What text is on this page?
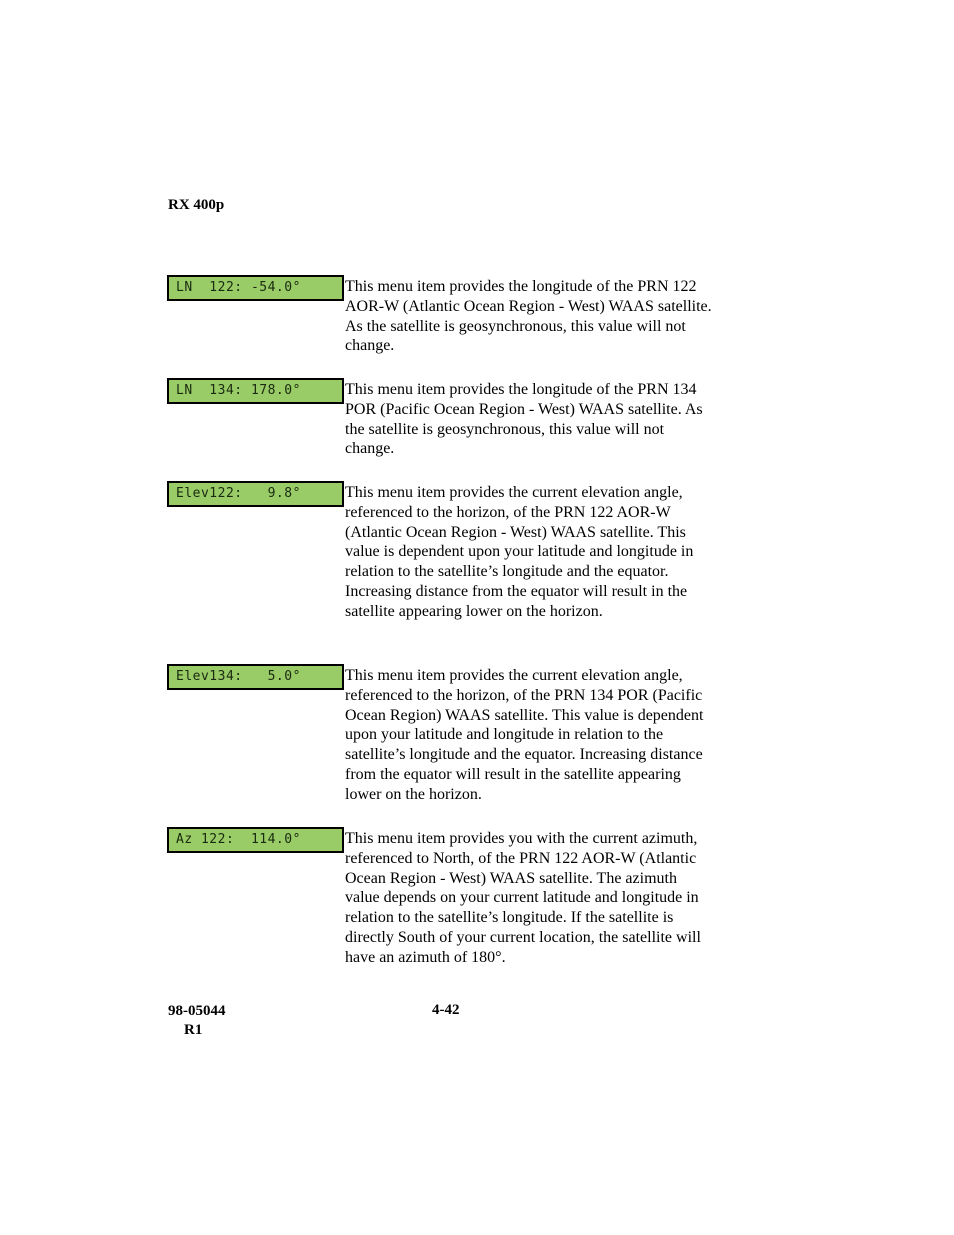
RX 400p
LN  122: -54.0°	This menu item provides the longitude of the PRN 122 AOR-W (Atlantic Ocean Region - West) WAAS satellite. As the satellite is geosynchronous, this value will not change.
LN  134: 178.0°	This menu item provides the longitude of the PRN 134 POR (Pacific Ocean Region - West) WAAS satellite. As the satellite is geosynchronous, this value will not change.
Elev122:   9.8°	This menu item provides the current elevation angle, referenced to the horizon, of the PRN 122 AOR-W (Atlantic Ocean Region - West) WAAS satellite. This value is dependent upon your latitude and longitude in relation to the satellite’s longitude and the equator. Increasing distance from the equator will result in the satellite appearing lower on the horizon.
Elev134:   5.0°	This menu item provides the current elevation angle, referenced to the horizon, of the PRN 134 POR (Pacific Ocean Region) WAAS satellite. This value is dependent upon your latitude and longitude in relation to the satellite’s longitude and the equator. Increasing distance from the equator will result in the satellite appearing lower on the horizon.
Az 122:  114.0°	This menu item provides you with the current azimuth, referenced to North, of the PRN 122 AOR-W (Atlantic Ocean Region - West) WAAS satellite. The azimuth value depends on your current latitude and longitude in relation to the satellite’s longitude. If the satellite is directly South of your current location, the satellite will have an azimuth of 180°.
98-05044
R1
4-42
